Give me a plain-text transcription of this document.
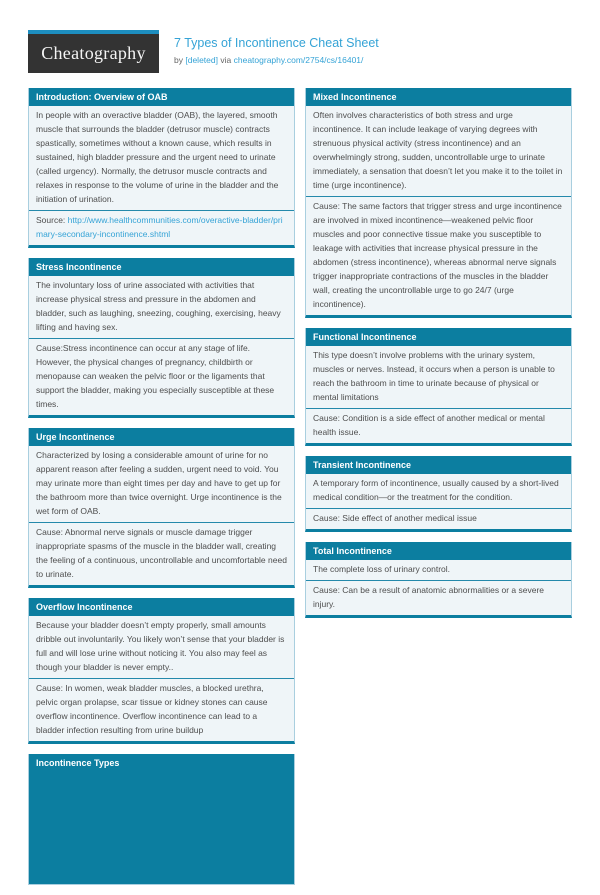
Cheatography 7 Types of Incontinence Cheat Sheet
by [deleted] via cheatography.com/2754/cs/16401/
Introduction: Overview of OAB
In people with an overactive bladder (OAB), the layered, smooth muscle that surrounds the bladder (detrusor muscle) contracts spastically, sometimes without a known cause, which results in sustained, high bladder pressure and the urgent need to urinate (called urgency). Normally, the detrusor muscle contracts and relaxes in response to the volume of urine in the bladder and the initiation of urination.
Source: http://www.healthcommunities.com/overactive-bladder/primary-secondary-incontinence.shtml
Stress Incontinence
The involuntary loss of urine associated with activities that increase physical stress and pressure in the abdomen and bladder, such as laughing, sneezing, coughing, exercising, heavy lifting and having sex.
Cause:Stress incontinence can occur at any stage of life. However, the physical changes of pregnancy, childbirth or menopause can weaken the pelvic floor or the ligaments that support the bladder, making you especially susceptible at these times.
Urge Incontinence
Characterized by losing a considerable amount of urine for no apparent reason after feeling a sudden, urgent need to void. You may urinate more than eight times per day and have to get up for the bathroom more than twice overnight. Urge incontinence is the wet form of OAB.
Cause: Abnormal nerve signals or muscle damage trigger inappropriate spasms of the muscle in the bladder wall, creating the feeling of a continuous, uncontrollable and uncomfortable need to urinate.
Overflow Incontinence
Because your bladder doesn’t empty properly, small amounts dribble out involuntarily. You likely won’t sense that your bladder is full and will lose urine without noticing it. You also may feel as though your bladder is never empty..
Cause: In women, weak bladder muscles, a blocked urethra, pelvic organ prolapse, scar tissue or kidney stones can cause overflow incontinence. Overflow incontinence can lead to a bladder infection resulting from urine buildup
Incontinence Types
Mixed Incontinence
Often involves characteristics of both stress and urge incontinence. It can include leakage of varying degrees with strenuous physical activity (stress incontinence) and an overwhelmingly strong, sudden, uncontrollable urge to urinate immediately, a sensation that doesn’t let you make it to the toilet in time (urge incontinence).
Cause: The same factors that trigger stress and urge incontinence are involved in mixed incontinence—weakened pelvic floor muscles and poor connective tissue make you susceptible to leakage with activities that increase physical pressure in the abdomen (stress incontinence), whereas abnormal nerve signals trigger inappropriate contractions of the muscles in the bladder wall, creating the uncontrollable urge to go 24/7 (urge incontinence).
Functional Incontinence
This type doesn’t involve problems with the urinary system, muscles or nerves. Instead, it occurs when a person is unable to reach the bathroom in time to urinate because of physical or mental limitations
Cause: Condition is a side effect of another medical or mental health issue.
Transient Incontinence
A temporary form of incontinence, usually caused by a short-lived medical condition—or the treatment for the condition.
Cause: Side effect of another medical issue
Total Incontinence
The complete loss of urinary control.
Cause: Can be a result of anatomic abnormalities or a severe injury.
